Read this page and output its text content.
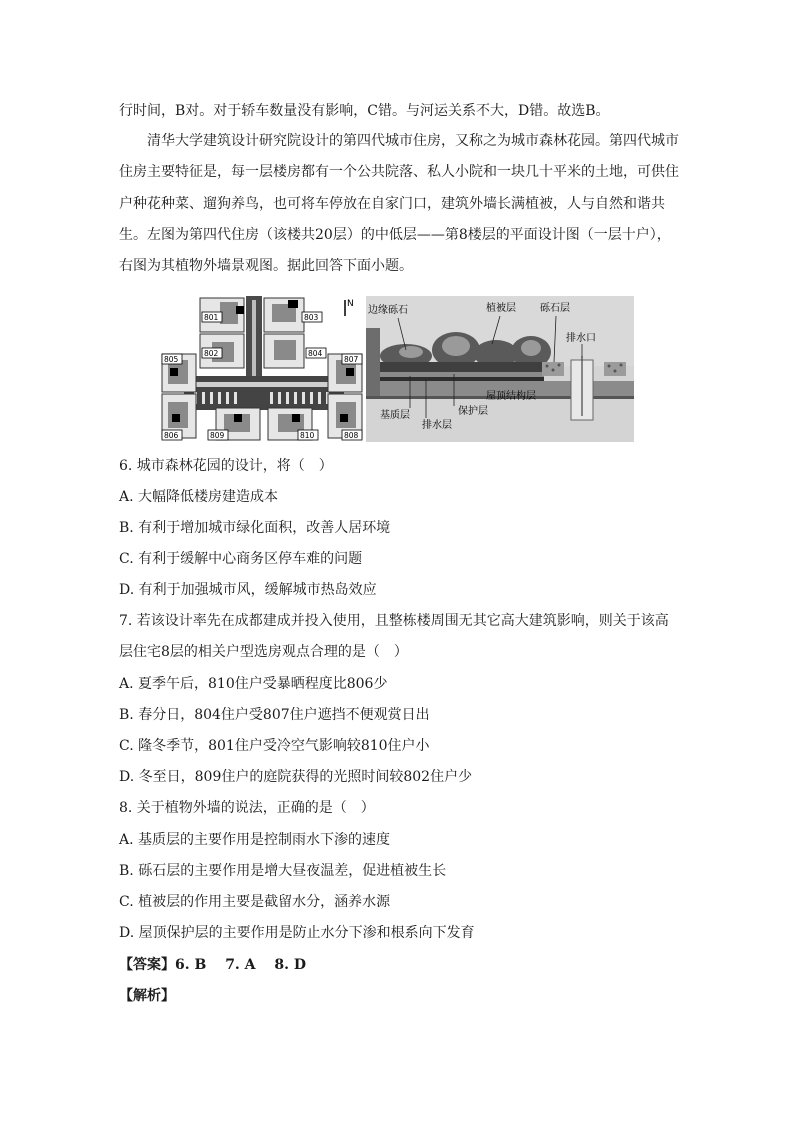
行时间，B对。对于轿车数量没有影响，C错。与河运关系不大，D错。故选B。
清华大学建筑设计研究院设计的第四代城市住房，又称之为城市森林花园。第四代城市住房主要特征是，每一层楼房都有一个公共院落、私人小院和一块几十平米的土地，可供住户种花种菜、遛狗养鸟，也可将车停放在自家门口，建筑外墙长满植被，人与自然和谐共生。左图为第四代住房（该楼共20层）的中低层——第8楼层的平面设计图（一层十户），右图为其植物外墙景观图。据此回答下面小题。
N
801
802
803
804
805
806
807
808
809	810
边缘砾石	植被层 砾石层
排水口
屋顶结构层
基质层	保护层
排水层
6. 城市森林花园的设计，将（　）
A. 大幅降低楼房建造成本
B. 有利于增加城市绿化面积，改善人居环境
C. 有利于缓解中心商务区停车难的问题
D. 有利于加强城市风，缓解城市热岛效应
7. 若该设计率先在成都建成并投入使用，且整栋楼周围无其它高大建筑影响，则关于该高层住宅8层的相关户型选房观点合理的是（　）
A. 夏季午后，810住户受暴晒程度比806少
B. 春分日，804住户受807住户遮挡不便观赏日出
C. 隆冬季节，801住户受冷空气影响较810住户小
D. 冬至日，809住户的庭院获得的光照时间较802住户少
8. 关于植物外墙的说法，正确的是（　）
A. 基质层的主要作用是控制雨水下渗的速度
B. 砾石层的主要作用是增大昼夜温差，促进植被生长
C. 植被层的作用主要是截留水分，涵养水源
D. 屋顶保护层的主要作用是防止水分下渗和根系向下发育
【答案】6. B　 7. A　 8. D
【解析】
